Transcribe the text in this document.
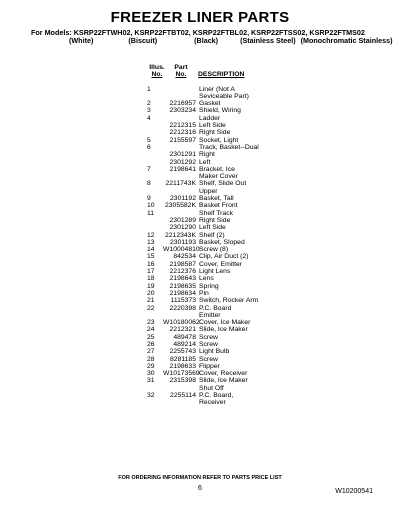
FREEZER LINER PARTS
For Models: KSRP22FTWH02, KSRP22FTBT02, KSRP22FTBL02, KSRP22FTSS02, KSRP22FTMS02
(White)	(Biscuit)	(Black)	(Stainless Steel) (Monochromatic Stainless)
Illus.	Part
No.	No.	DESCRIPTION
1	Liner (Not A
Seviceable Part)
2	2216957 Gasket
3	2303234 Shield, Wiring
4	Ladder
2212315 Left Side
2212316 Right Side
5	2155597 Socket, Light
6	Track, Basket--Dual
2301291 Right
2301292 Left
7	2198641 Bracket, Ice
Maker Cover
8	2211743K Shelf, Slide Out
Upper
9	2301192 Basket, Tall
10	2305582K Basket Front
11	Shelf Track
2301289 Right Side
2301290 Left Side
12	2212343K Shelf (2)
13	2301193 Basket, Sloped
14	W10004810 Screw (8)
15	842534 Clip, Air Duct (2)
16	2198587 Cover, Emitter
17	2212376 Light Lens
18	2198643 Lens
19	2198635 Spring
20	2198634 Pin
21	1115373 Switch, Rocker Arm
22	2220398 P.C. Board
Emitter
23	W10180062 Cover, Ice Maker
24	2212321 Slide, Ice Maker
25	489478 Screw
26	489214 Screw
27	2255743 Light Bulb
28	8281185 Screw
29	2198633 Flipper
30	W10173569 Cover, Receiver
31	2315398 Slide, Ice Maker
Shut Off
32	2255114 P.C. Board,
Receiver
FOR ORDERING INFORMATION REFER TO PARTS PRICE LIST
6	W10200541
